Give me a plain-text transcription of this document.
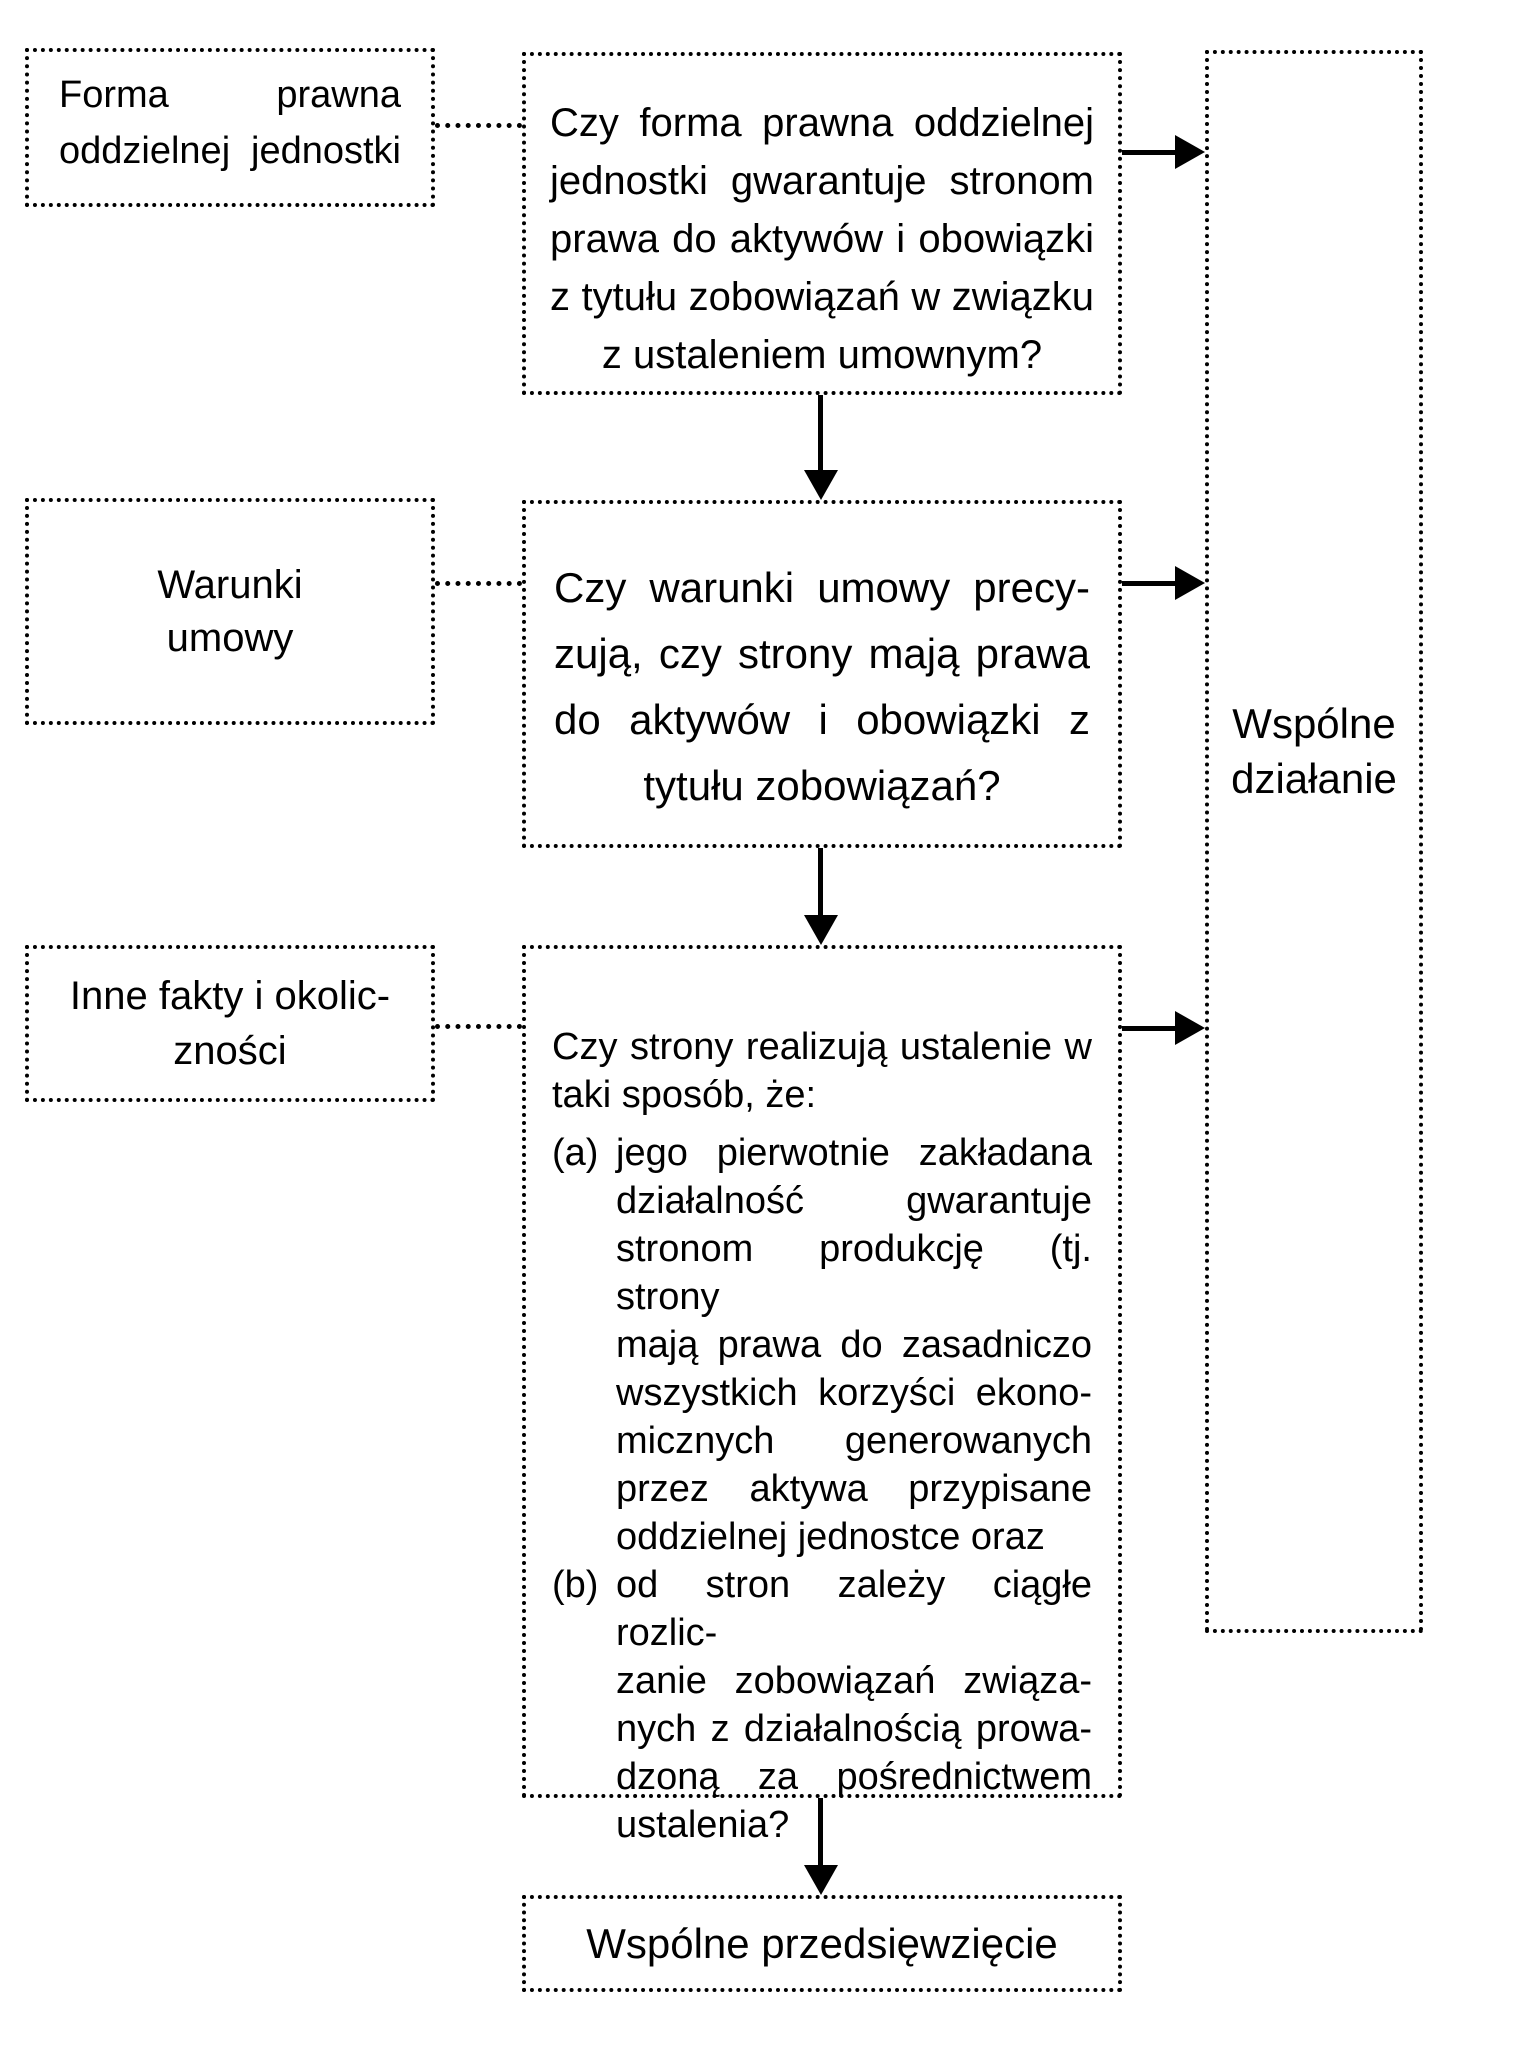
Forma prawna
oddzielnej jednostki
Warunki
umowy
Inne fakty i okolic-
zności
Czy forma prawna oddzielnej
jednostki gwarantuje stronom
prawa do aktywów i obowiązki
z tytułu zobowiązań w związku
z ustaleniem umownym?
Czy warunki umowy precy-
zują, czy strony mają prawa
do aktywów i obowiązki z
tytułu zobowiązań?
Czy strony realizują ustalenie w
taki sposób, że:
(a) jego pierwotnie zakładana
działalność gwarantuje
stronom produkcję (tj. strony
mają prawa do zasadniczo
wszystkich korzyści ekono-
micznych generowanych
przez aktywa przypisane
oddzielnej jednostce oraz
(b) od stron zależy ciągłe rozlic-
zanie zobowiązań związa-
nych z działalnością prowa-
dzoną za pośrednictwem
ustalenia?
Wspólne
działanie
Wspólne przedsięwzięcie
